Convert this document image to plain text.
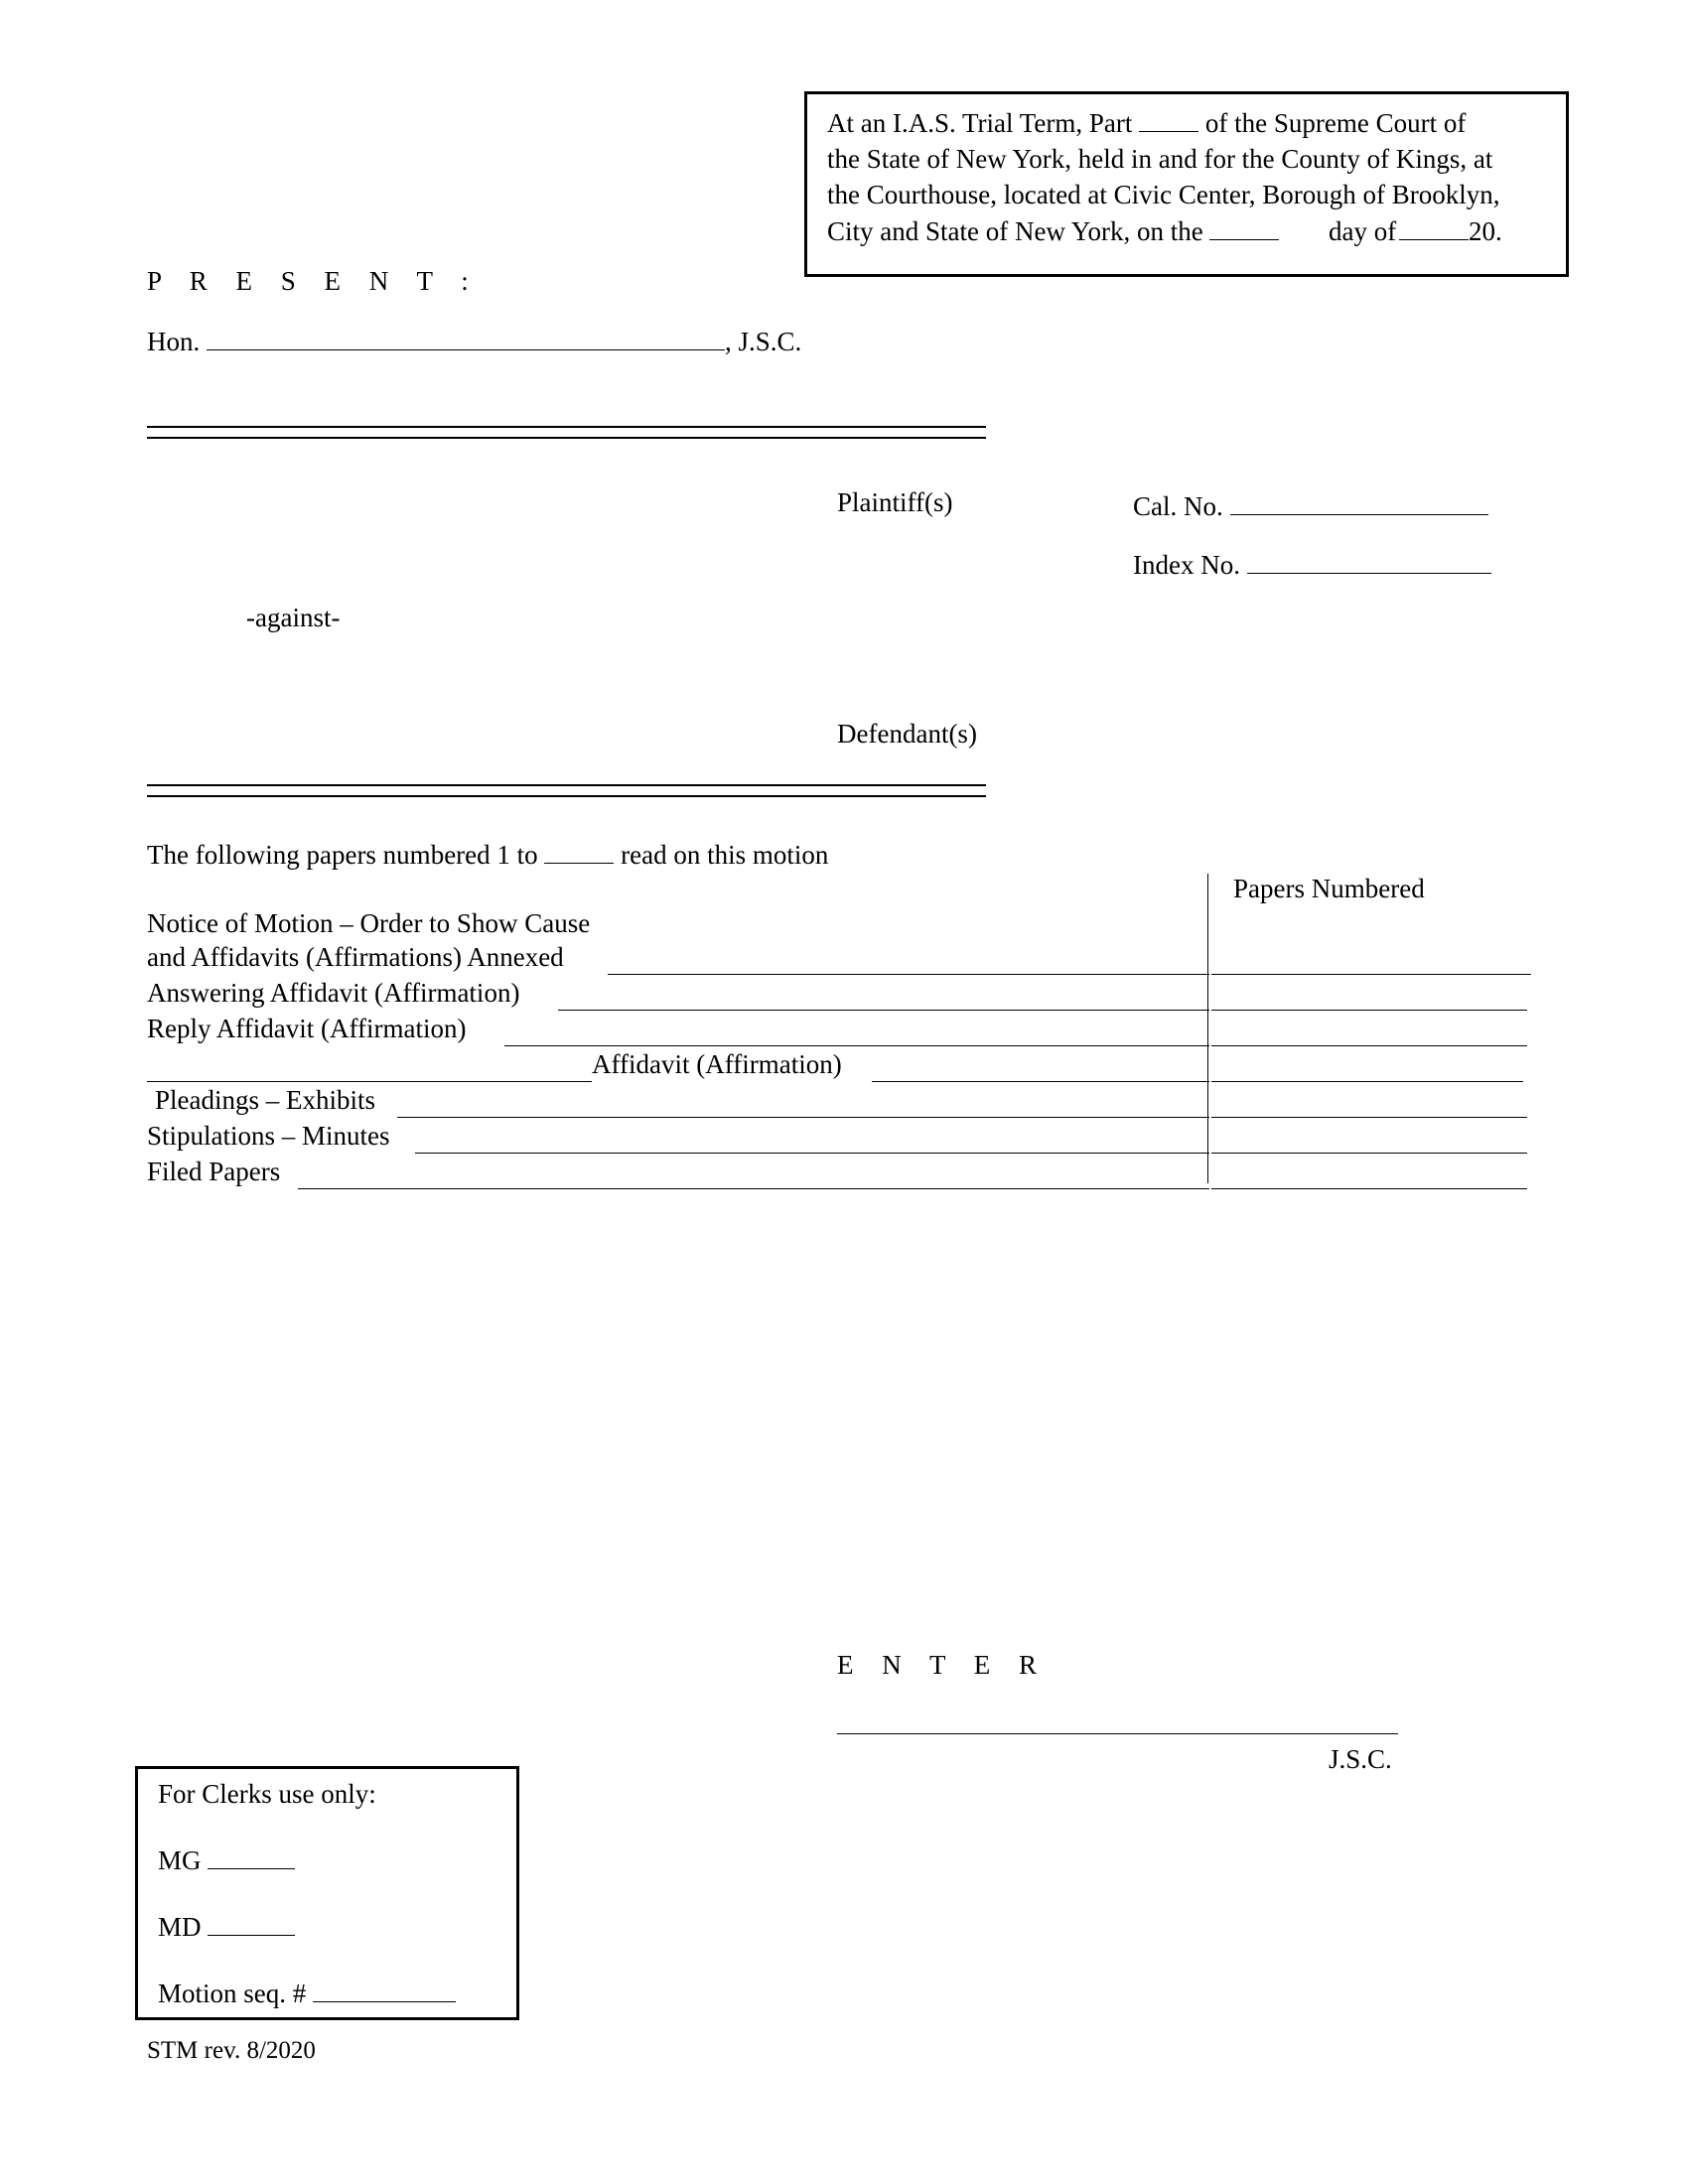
At an I.A.S. Trial Term, Part	of the Supreme Court of
the State of New York, held in and for the County of Kings, at
the Courthouse, located at Civic Center, Borough of Brooklyn,
City and State of New York, on the	day of	20.
P R E S E N T :
Hon.	, J.S.C.
Plaintiff(s)	Cal. No.
Index No.
-against-
Defendant(s)
The following papers numbered 1 to	read on this motion
Papers Numbered
Notice of Motion – Order to Show Cause
and Affidavits (Affirmations) Annexed
Answering Affidavit (Affirmation)
Reply Affidavit (Affirmation)
Affidavit (Affirmation)
Pleadings – Exhibits
Stipulations – Minutes
Filed Papers
E N T E R
J.S.C.
For Clerks use only:
MG
MD
Motion seq. #
STM rev. 8/2020
